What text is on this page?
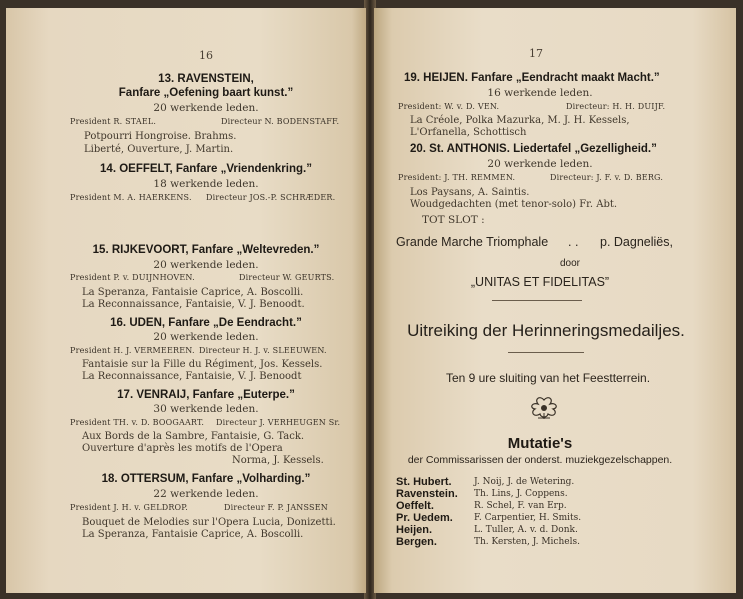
16
13. RAVENSTEIN,
Fanfare „Oefening baart kunst.”
20 werkende leden.
President R. STAEL.	Directeur N. BODENSTAFF.
Potpourri Hongroise. Brahms.
Liberté, Ouverture, J. Martin.
14. OEFFELT, Fanfare „Vriendenkring.”
18 werkende leden.
President M. A. HAERKENS. Directeur JOS.-P. SCHRÆDER.
15. RIJKEVOORT, Fanfare „Weltevreden.”
20 werkende leden.
President P. v. DUIJNHOVEN.	Directeur W. GEURTS.
La Speranza, Fantaisie Caprice, A. Boscolli.
La Reconnaissance, Fantaisie, V. J. Benoodt.
16. UDEN, Fanfare „De Eendracht.”
20 werkende leden.
President H. J. VERMEEREN. Directeur H. J. v. SLEEUWEN.
Fantaisie sur la Fille du Régiment, Jos. Kessels.
La Reconnaissance, Fantaisie, V. J. Benoodt
17. VENRAIJ, Fanfare „Euterpe.”
30 werkende leden.
President TH. v. D. BOOGAART. Directeur J. VERHEUGEN Sr.
Aux Bords de la Sambre, Fantaisie, G. Tack.
Ouverture d'après les motifs de l'Opera
Norma, J. Kessels.
18. OTTERSUM, Fanfare „Volharding.”
22 werkende leden.
President J. H. v. GELDROP.	Directeur F. P. JANSSEN
Bouquet de Melodies sur l'Opera Lucia, Donizetti.
La Speranza, Fantaisie Caprice, A. Boscolli.
17
19. HEIJEN. Fanfare „Eendracht maakt Macht.”
16 werkende leden.
President: W. v. D. VEN.	Directeur: H. H. DUIJF.
La Créole, Polka Mazurka, M. J. H. Kessels,
L'Orfanella, Schottisch
20. St. ANTHONIS. Liedertafel „Gezelligheid.”
20 werkende leden.
President: J. TH. REMMEN.	Directeur: J. F. v. D. BERG.
Los Paysans, A. Saintis.
Woudgedachten (met tenor-solo) Fr. Abt.
TOT SLOT :
Grande Marche Triomphale . . p. Dagneliës,
door
„UNITAS ET FIDELITAS”
Uitreiking der Herinneringsmedailjes.
Ten 9 ure sluiting van het Feestterrein.
Mutatie's
der Commissarissen der onderst. muziekgezelschappen.
St. Hubert. J. Noij, J. de Wetering.
Ravenstein. Th. Lins, J. Coppens.
Oeffelt.	R. Schel, F. van Erp.
Pr. Uedem. F. Carpentier, H. Smits.
Heijen.	L. Tuller, A. v. d. Donk.
Bergen.	Th. Kersten, J. Michels.
